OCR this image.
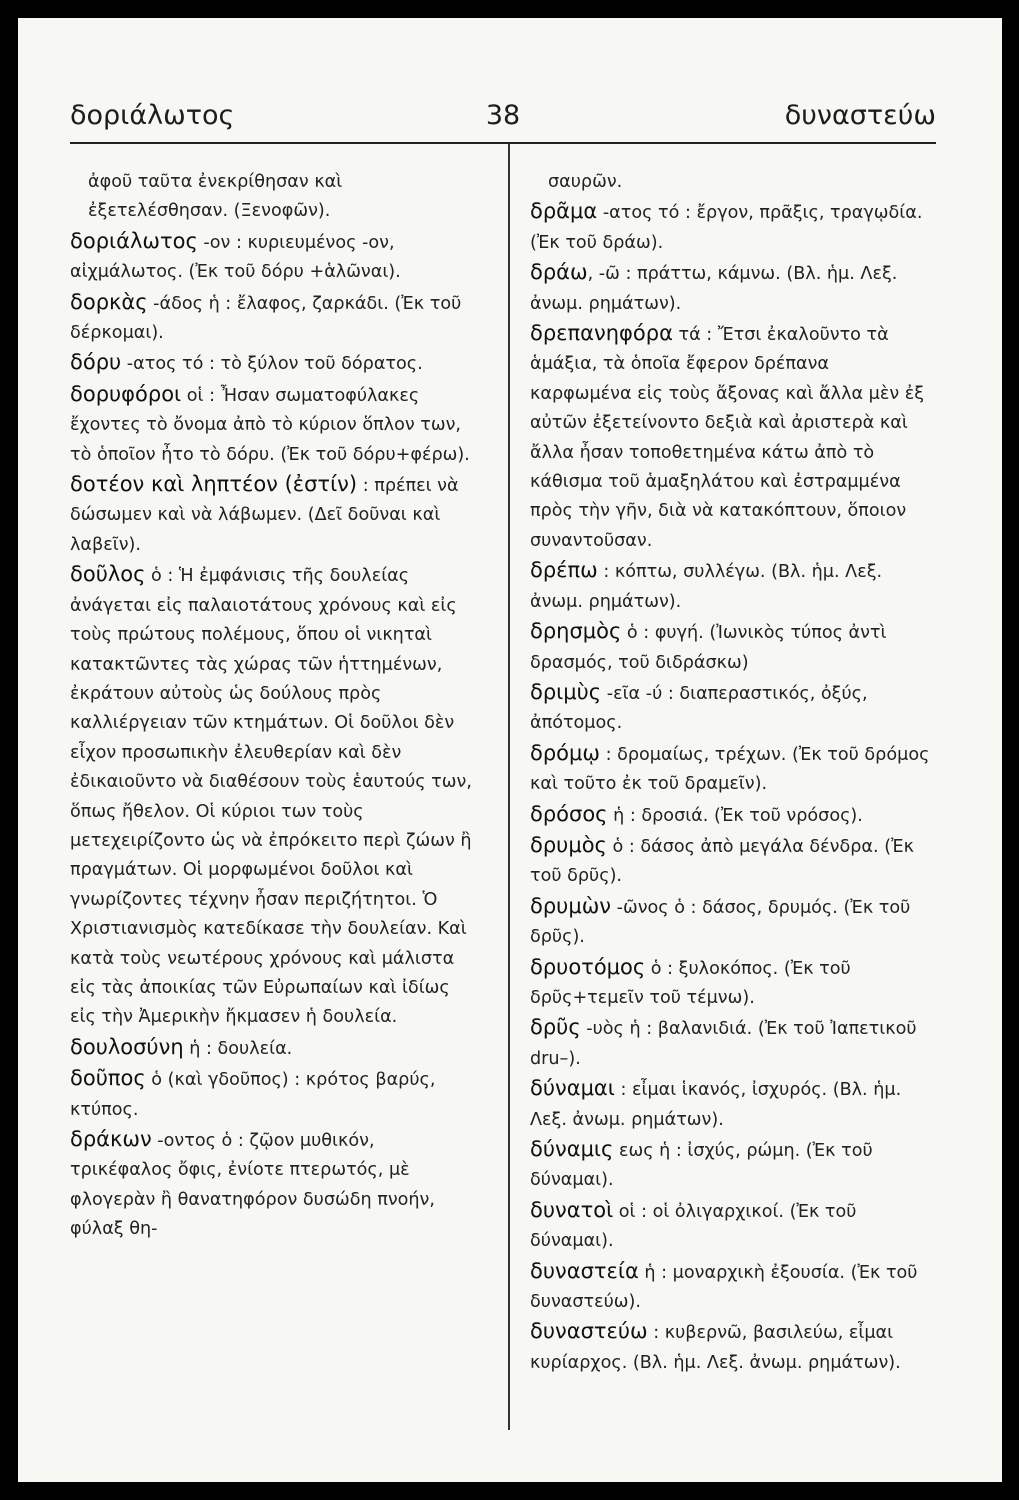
δοριάλωτος	38	δυναστεύω

ἀφοῦ ταῦτα ἐνεκρίθησαν καὶ ἐξετελέσθησαν. (Ξενοφῶν).

δοριάλωτος -ον : κυριευμένος -ον, αἰχμάλωτος. (Ἐκ τοῦ δόρυ +ἁλῶναι).

δορκὰς -άδος ἡ : ἔλαφος, ζαρκάδι. (Ἐκ τοῦ δέρκομαι).

δόρυ -ατος τό : τὸ ξύλον τοῦ δόρατος.

δορυφόροι οἱ : Ἦσαν σωματοφύλακες ἔχοντες τὸ ὄνομα ἀπὸ τὸ κύριον ὅπλον των, τὸ ὁποῖον ἦτο τὸ δόρυ. (Ἐκ τοῦ δόρυ+φέρω).

δοτέον καὶ ληπτέον (ἐστίν) : πρέπει νὰ δώσωμεν καὶ νὰ λάβωμεν. (Δεῖ δοῦναι καὶ λαβεῖν).

δοῦλος ὁ : Ἡ ἐμφάνισις τῆς δουλείας ἀνάγεται εἰς παλαιοτάτους χρόνους καὶ εἰς τοὺς πρώτους πολέμους, ὅπου οἱ νικηταὶ κατακτῶντες τὰς χώρας τῶν ἡττημένων, ἐκράτουν αὐτοὺς ὡς δούλους πρὸς καλλιέργειαν τῶν κτημάτων. Οἱ δοῦλοι δὲν εἶχον προσωπικὴν ἐλευθερίαν καὶ δὲν ἐδικαιοῦντο νὰ διαθέσουν τοὺς ἑαυτούς των, ὅπως ἤθελον. Οἱ κύριοι των τοὺς μετεχειρίζοντο ὡς νὰ ἐπρόκειτο περὶ ζώων ἢ πραγμάτων. Οἱ μορφωμένοι δοῦλοι καὶ γνωρίζοντες τέχνην ἦσαν περιζήτητοι. Ὁ Χριστιανισμὸς κατεδίκασε τὴν δουλείαν. Καὶ κατὰ τοὺς νεωτέρους χρόνους καὶ μάλιστα εἰς τὰς ἀποικίας τῶν Εὐρωπαίων καὶ ἰδίως εἰς τὴν Ἀμερικὴν ἤκμασεν ἡ δουλεία.

δουλοσύνη ἡ : δουλεία.

δοῦπος ὁ (καὶ γδοῦπος) : κρότος βαρύς, κτύπος.

δράκων -οντος ὁ : ζῷον μυθικόν, τρικέφαλος ὄφις, ἐνίοτε πτερωτός, μὲ φλογερὰν ἢ θανατηφόρον δυσώδη πνοήν, φύλαξ θη-

σαυρῶν.

δρᾶμα -ατος τό : ἔργον, πρᾶξις, τραγῳδία. (Ἐκ τοῦ δράω).

δράω, -ῶ : πράττω, κάμνω. (Βλ. ἡμ. Λεξ. ἀνωμ. ρημάτων).

δρεπανηφόρα τά : Ἔτσι ἐκαλοῦντο τὰ ἁμάξια, τὰ ὁποῖα ἔφερον δρέπανα καρφωμένα εἰς τοὺς ἄξονας καὶ ἄλλα μὲν ἐξ αὐτῶν ἐξετείνοντο δεξιὰ καὶ ἀριστερὰ καὶ ἄλλα ἦσαν τοποθετημένα κάτω ἀπὸ τὸ κάθισμα τοῦ ἁμαξηλάτου καὶ ἐστραμμένα πρὸς τὴν γῆν, διὰ νὰ κατακόπτουν, ὅποιον συναντοῦσαν.

δρέπω : κόπτω, συλλέγω. (Βλ. ἡμ. Λεξ. ἀνωμ. ρημάτων).

δρησμὸς ὁ : φυγή. (Ἰωνικὸς τύπος ἀντὶ δρασμός, τοῦ διδράσκω)

δριμὺς -εῖα -ύ : διαπεραστικός, ὀξύς, ἀπότομος.

δρόμῳ : δρομαίως, τρέχων. (Ἐκ τοῦ δρόμος καὶ τοῦτο ἐκ τοῦ δραμεῖν).

δρόσος ἡ : δροσιά. (Ἐκ τοῦ νρόσος).

δρυμὸς ὁ : δάσος ἀπὸ μεγάλα δένδρα. (Ἐκ τοῦ δρῦς).

δρυμὼν -ῶνος ὁ : δάσος, δρυμός. (Ἐκ τοῦ δρῦς).

δρυοτόμος ὁ : ξυλοκόπος. (Ἐκ τοῦ δρῦς+τεμεῖν τοῦ τέμνω).

δρῦς -υὸς ἡ : βαλανιδιά. (Ἐκ τοῦ Ἰαπετικοῦ dru–).

δύναμαι : εἶμαι ἱκανός, ἰσχυρός. (Βλ. ἡμ. Λεξ. ἀνωμ. ρημάτων).

δύναμις εως ἡ : ἰσχύς, ρώμη. (Ἐκ τοῦ δύναμαι).

δυνατοὶ οἱ : οἱ ὀλιγαρχικοί. (Ἐκ τοῦ δύναμαι).

δυναστεία ἡ : μοναρχικὴ ἐξουσία. (Ἐκ τοῦ δυναστεύω).

δυναστεύω : κυβερνῶ, βασιλεύω, εἶμαι κυρίαρχος. (Βλ. ἡμ. Λεξ. ἀνωμ. ρημάτων).
